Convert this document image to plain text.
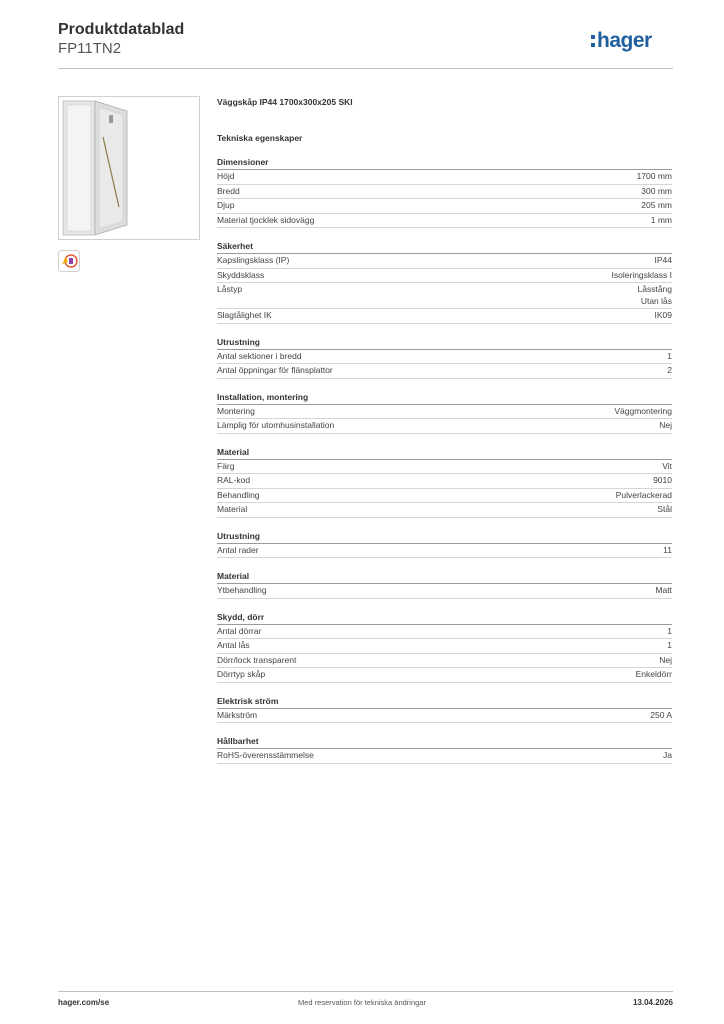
Produktdatablad
FP11TN2	hager
Väggskåp IP44 1700x300x205 SKI
Tekniska egenskaper
Dimensioner
Höjd	1700 mm
Bredd	300 mm
Djup	205 mm
Material tjocklek sidovägg	1 mm
Säkerhet
Kapslingsklass (IP)	IP44
Skyddsklass	Isoleringsklass I
Låstyp	Låsstång
Utan lås
Slagtålighet IK	IK09
Utrustning
Antal sektioner i bredd	1
Antal öppningar för flänsplattor	2
Installation, montering
Montering	Väggmontering
Lämplig för utomhusinstallation	Nej
Material
Färg	Vit
RAL-kod	9010
Behandling	Pulverlackerad
Material	Stål
Utrustning
Antal rader	11
Material
Ytbehandling	Matt
Skydd, dörr
Antal dörrar	1
Antal lås	1
Dörr/lock transparent	Nej
Dörrtyp skåp	Enkeldörr
Elektrisk ström
Märkström	250 A
Hållbarhet
RoHS-överensstämmelse	Ja
hager.com/se	Med reservation för tekniska ändringar	13.04.2026
